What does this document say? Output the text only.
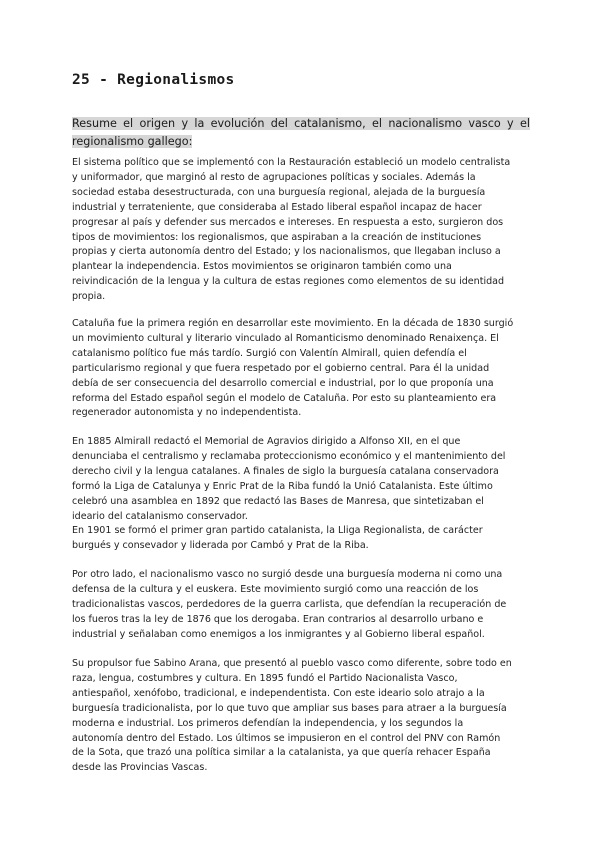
25 - Regionalismos
Resume el origen y la evolución del catalanismo, el nacionalismo vasco y el regionalismo gallego:
El sistema político que se implementó con la Restauración estableció un modelo centralista
y uniformador, que marginó al resto de agrupaciones políticas y sociales. Además la
sociedad estaba desestructurada, con una burguesía regional, alejada de la burguesía
industrial y terrateniente, que consideraba al Estado liberal español incapaz de hacer
progresar al país y defender sus mercados e intereses. En respuesta a esto, surgieron dos
tipos de movimientos: los regionalismos, que aspiraban a la creación de instituciones
propias y cierta autonomía dentro del Estado; y los nacionalismos, que llegaban incluso a
plantear la independencia. Estos movimientos se originaron también como una
reivindicación de la lengua y la cultura de estas regiones como elementos de su identidad
propia.
Cataluña fue la primera región en desarrollar este movimiento. En la década de 1830 surgió
un movimiento cultural y literario vinculado al Romanticismo denominado Renaixença. El
catalanismo político fue más tardío. Surgió con Valentín Almirall, quien defendía el
particularismo regional y que fuera respetado por el gobierno central. Para él la unidad
debía de ser consecuencia del desarrollo comercial e industrial, por lo que proponía una
reforma del Estado español según el modelo de Cataluña. Por esto su planteamiento era
regenerador autonomista y no independentista.
En 1885 Almirall redactó el Memorial de Agravios dirigido a Alfonso XII, en el que
denunciaba el centralismo y reclamaba proteccionismo económico y el mantenimiento del
derecho civil y la lengua catalanes. A finales de siglo la burguesía catalana conservadora
formó la Liga de Catalunya y Enric Prat de la Riba fundó la Unió Catalanista. Este último
celebró una asamblea en 1892 que redactó las Bases de Manresa, que sintetizaban el
ideario del catalanismo conservador.
En 1901 se formó el primer gran partido catalanista, la Lliga Regionalista, de carácter
burgués y consevador y liderada por Cambó y Prat de la Riba.
Por otro lado, el nacionalismo vasco no surgió desde una burguesía moderna ni como una
defensa de la cultura y el euskera. Este movimiento surgió como una reacción de los
tradicionalistas vascos, perdedores de la guerra carlista, que defendían la recuperación de
los fueros tras la ley de 1876 que los derogaba. Eran contrarios al desarrollo urbano e
industrial y señalaban como enemigos a los inmigrantes y al Gobierno liberal español.
Su propulsor fue Sabino Arana, que presentó al pueblo vasco como diferente, sobre todo en
raza, lengua, costumbres y cultura. En 1895 fundó el Partido Nacionalista Vasco,
antiespañol, xenófobo, tradicional, e independentista. Con este ideario solo atrajo a la
burguesía tradicionalista, por lo que tuvo que ampliar sus bases para atraer a la burguesía
moderna e industrial. Los primeros defendían la independencia, y los segundos la
autonomía dentro del Estado. Los últimos se impusieron en el control del PNV con Ramón
de la Sota, que trazó una política similar a la catalanista, ya que quería rehacer España
desde las Provincias Vascas.
